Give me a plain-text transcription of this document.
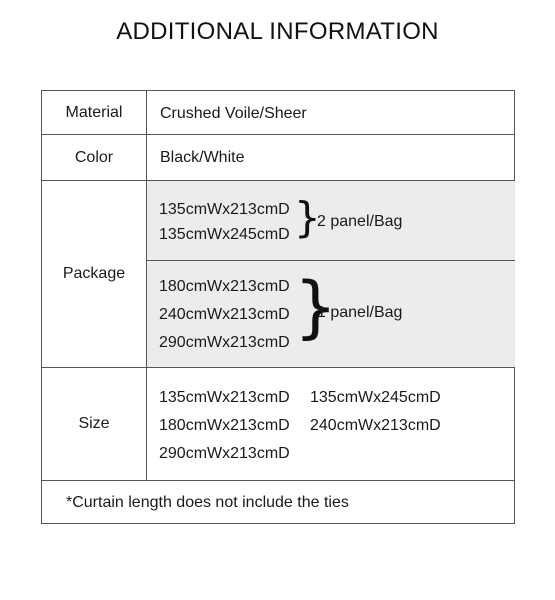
ADDITIONAL INFORMATION
Material	Crushed Voile/Sheer
Color	Black/White
Package
135cmWx213cmD
135cmWx245cmD }
2 panel/Bag
180cmWx213cmD
240cmWx213cmD
290cmWx213cmD }
1 panel/Bag
Size
135cmWx213cmD 135cmWx245cmD
180cmWx213cmD 240cmWx213cmD
290cmWx213cmD
*Curtain length does not include the ties
